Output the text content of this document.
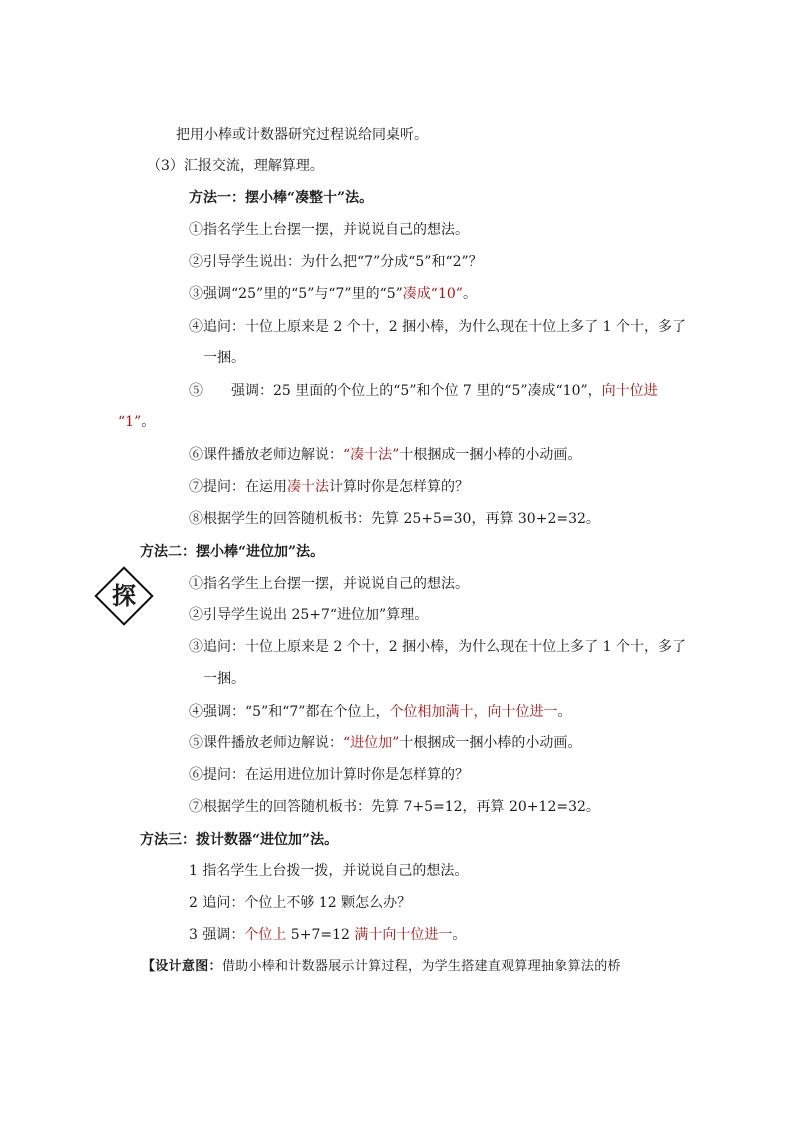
把用小棒或计数器研究过程说给同桌听。
（3）汇报交流，理解算理。
方法一：摆小棒“凑整十”法。
①指名学生上台摆一摆，并说说自己的想法。
②引导学生说出：为什么把“7”分成“5”和“2”？
③强调“25”里的“5”与“7”里的“5”凑成“10”。
④追问：十位上原来是 2 个十，2 捆小棒，为什么现在十位上多了 1 个十，多了
一捆。
⑤　　强调：25 里面的个位上的“5”和个位 7 里的“5”凑成“10”，向十位进
“1”。
⑥课件播放老师边解说：“凑十法”十根捆成一捆小棒的小动画。
⑦提问：在运用凑十法计算时你是怎样算的？
⑧根据学生的回答随机板书：先算 25+5=30，再算 30+2=32。
方法二：摆小棒“进位加”法。
探	①指名学生上台摆一摆，并说说自己的想法。
②引导学生说出 25+7“进位加”算理。
③追问：十位上原来是 2 个十，2 捆小棒，为什么现在十位上多了 1 个十，多了
一捆。
④强调：“5”和“7”都在个位上，个位相加满十，向十位进一。
⑤课件播放老师边解说：“进位加”十根捆成一捆小棒的小动画。
⑥提问：在运用进位加计算时你是怎样算的？
⑦根据学生的回答随机板书：先算 7+5=12，再算 20+12=32。
方法三：拨计数器“进位加”法。
1 指名学生上台拨一拨，并说说自己的想法。
2 追问：个位上不够 12 颗怎么办？
3 强调：个位上 5+7=12 满十向十位进一。
【设计意图：借助小棒和计数器展示计算过程，为学生搭建直观算理抽象算法的桥
